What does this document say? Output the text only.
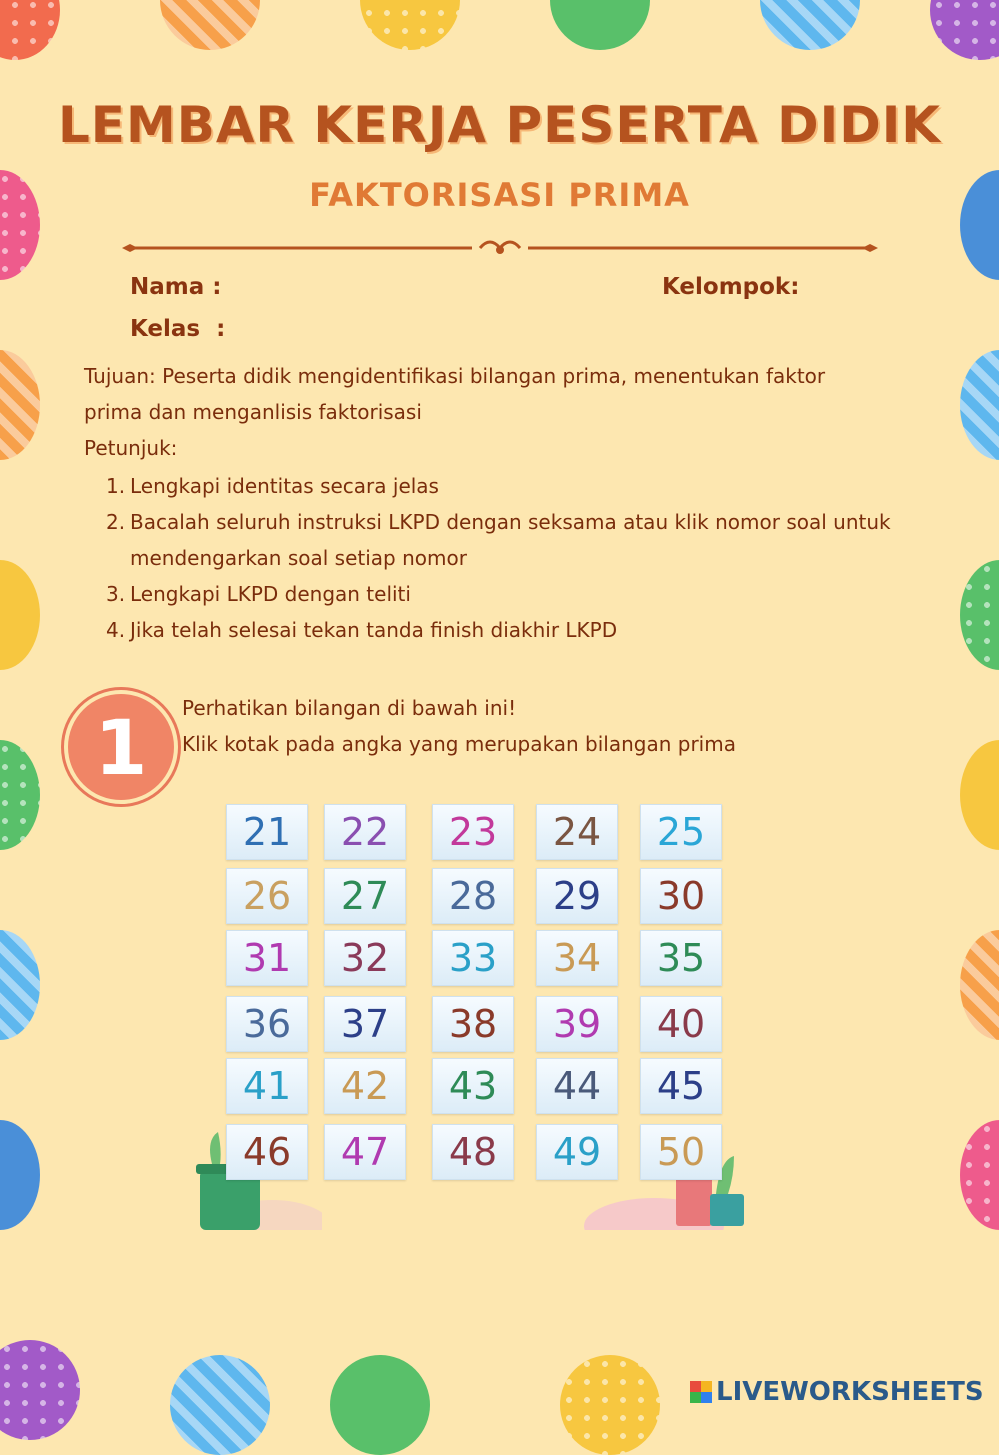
LEMBAR KERJA PESERTA DIDIK
FAKTORISASI PRIMA
Nama :	Kelompok:
Kelas  :
Tujuan: Peserta didik mengidentifikasi bilangan prima, menentukan faktor
prima dan menganlisis faktorisasi
Petunjuk:
1. Lengkapi identitas secara jelas
2. Bacalah seluruh instruksi LKPD dengan seksama atau klik nomor soal untuk mendengarkan soal setiap nomor
3. Lengkapi LKPD dengan teliti
4. Jika telah selesai tekan tanda finish diakhir LKPD
1	Perhatikan bilangan di bawah ini!
Klik kotak pada angka yang merupakan bilangan prima
21	22	23	24	25
26	27	28	29	30
31	32	33	34	35
36	37	38	39	40
41	42	43	44	45
46	47	48	49	50
LIVEWORKSHEETS
